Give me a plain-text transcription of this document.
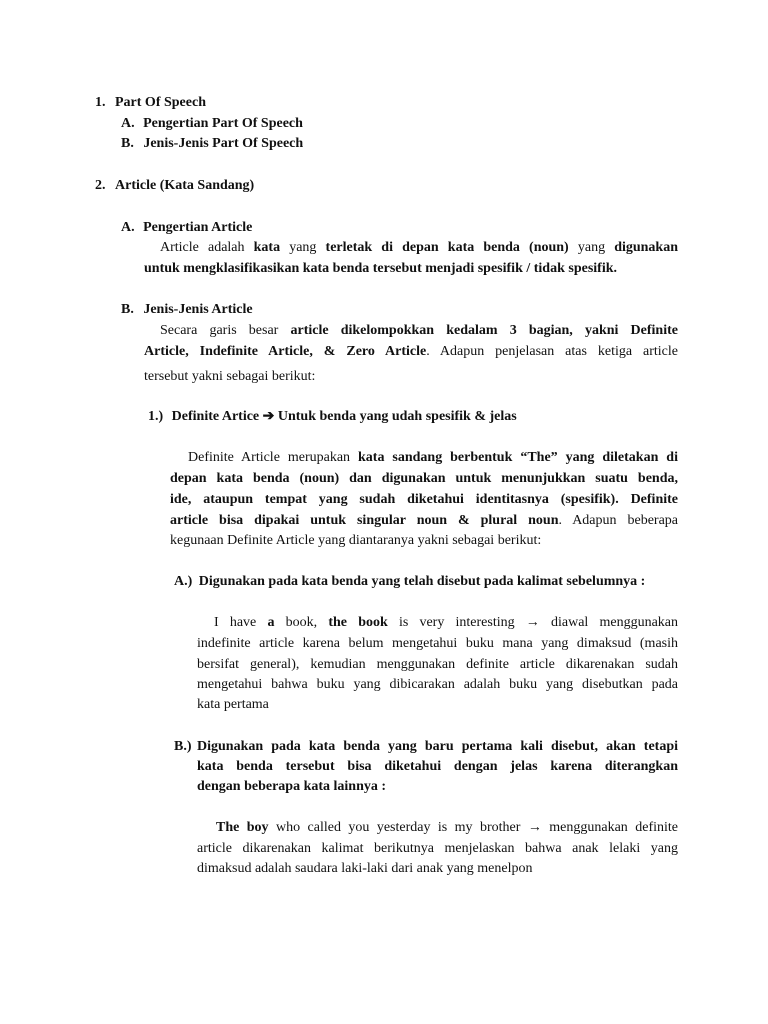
1. Part Of Speech
A. Pengertian Part Of Speech
B. Jenis-Jenis Part Of Speech
2. Article (Kata Sandang)
A. Pengertian Article
Article adalah kata yang terletak di depan kata benda (noun) yang digunakan
untuk mengklasifikasikan kata benda tersebut menjadi spesifik / tidak spesifik.
B. Jenis-Jenis Article
Secara garis besar article dikelompokkan kedalam 3 bagian, yakni Definite
Article, Indefinite Article, & Zero Article. Adapun penjelasan atas ketiga article
tersebut yakni sebagai berikut:
1.) Definite Artice ➔ Untuk benda yang udah spesifik & jelas
Definite Article merupakan kata sandang berbentuk “The” yang diletakan di
depan kata benda (noun) dan digunakan untuk menunjukkan suatu benda,
ide, ataupun tempat yang sudah diketahui identitasnya (spesifik). Definite
article bisa dipakai untuk singular noun & plural noun. Adapun beberapa
kegunaan Definite Article yang diantaranya yakni sebagai berikut:
A.) Digunakan pada kata benda yang telah disebut pada kalimat sebelumnya :
I have a book, the book is very interesting → diawal menggunakan
indefinite article karena belum mengetahui buku mana yang dimaksud (masih
bersifat general), kemudian menggunakan definite article dikarenakan sudah
mengetahui bahwa buku yang dibicarakan adalah buku yang disebutkan pada
kata pertama
B.) Digunakan pada kata benda yang baru pertama kali disebut, akan tetapi
kata benda tersebut bisa diketahui dengan jelas karena diterangkan
dengan beberapa kata lainnya :
The boy who called you yesterday is my brother → menggunakan definite
article dikarenakan kalimat berikutnya menjelaskan bahwa anak lelaki yang
dimaksud adalah saudara laki-laki dari anak yang menelpon
